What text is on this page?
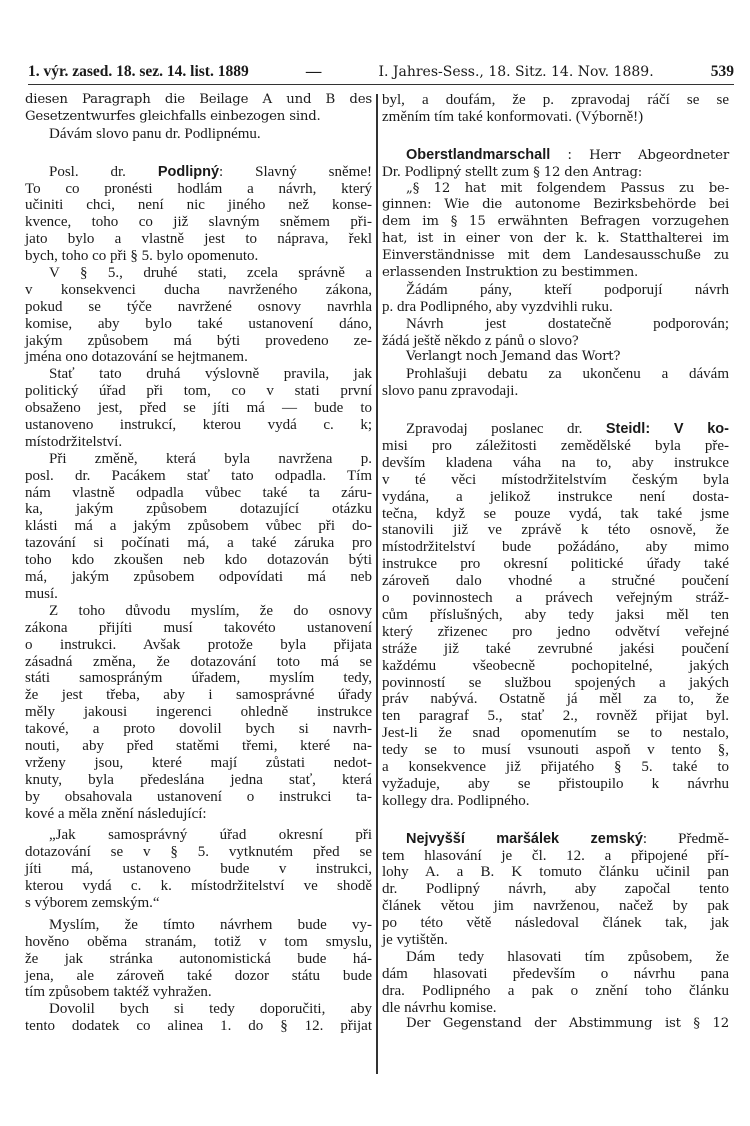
1. výr. zased. 18. sez. 14. list. 1889	—	I. Jahres-Sess., 18. Sitz. 14. Nov. 1889.	539
diesen Paragraph die Beilage A und B des
Gesetzentwurfes gleichfalls einbezogen sind.
Dávám slovo panu dr. Podlipnému.
Posl. dr. Podlipný: Slavný sněme!
To co pronésti hodlám a návrh, který
učiniti chci, není nic jiného než konse-
kvence, toho co již slavným sněmem při-
jato bylo a vlastně jest to náprava, řekl
bych, toho co při § 5. bylo opomenuto.
V § 5., druhé stati, zcela správně a
v konsekvenci ducha navrženého zákona,
pokud se týče navržené osnovy navrhla
komise, aby bylo také ustanovení dáno,
jakým způsobem má býti provedeno ze-
jména ono dotazování se hejtmanem.
Stať tato druhá výslovně pravila, jak
politický úřad při tom, co v stati první
obsaženo jest, před se jíti má — bude to
ustanoveno instrukcí, kterou vydá c. k;
místodržitelství.
Při změně, která byla navržena p.
posl. dr. Pacákem stať tato odpadla. Tím
nám vlastně odpadla vůbec také ta záru-
ka, jakým způsobem dotazující otázku
klásti má a jakým způsobem vůbec při do-
tazování si počínati má, a také záruka pro
toho kdo zkoušen neb kdo dotazován býti
má, jakým způsobem odpovídati má neb
musí.
Z toho důvodu myslím, že do osnovy
zákona přijíti musí takovéto ustanovení
o instrukci. Avšak protože byla přijata
zásadná změna, že dotazování toto má se
státi samospráným úřadem, myslím tedy,
že jest třeba, aby i samosprávné úřady
měly jakousi ingerenci ohledně instrukce
takové, a proto dovolil bych si navrh-
nouti, aby před statěmi třemi, které na-
vrženy jsou, které mají zůstati nedot-
knuty, byla předeslána jedna stať, která
by obsahovala ustanovení o instrukci ta-
kové a měla znění následující:
„Jak samosprávný úřad okresní při
dotazování se v § 5. vytknutém před se
jíti má, ustanoveno bude v instrukci,
kterou vydá c. k. místodržitelství ve shodě
s výborem zemským.“
Myslím, že tímto návrhem bude vy-
hověno oběma stranám, totiž v tom smyslu,
že jak stránka autonomistická bude há-
jena, ale zároveň také dozor státu bude
tím způsobem taktéž vyhražen.
Dovolil bych si tedy doporučiti, aby
tento dodatek co alinea 1. do § 12. přijat
byl, a doufám, že p. zpravodaj ráčí se se
změním tím také konformovati. (Výborně!)
Oberstlandmarschall : Herr Abgeordneter
Dr. Podlipný stellt zum § 12 den Antrag:
„§ 12 hat mit folgendem Passus zu be-
ginnen: Wie die autonome Bezirksbehörde bei
dem im § 15 erwähnten Befragen vorzugehen
hat, ist in einer von der k. k. Statthalterei im
Einverständnisse mit dem Landesausschuße zu
erlassenden Instruktion zu bestimmen.
Žádám pány, kteří podporují návrh
p. dra Podlipného, aby vyzdvihli ruku.
Návrh jest dostatečně podporován;
žádá ještě někdo z pánů o slovo?
Verlangt noch Jemand das Wort?
Prohlašuji debatu za ukončenu a dávám
slovo panu zpravodaji.
Zpravodaj poslanec dr. Steidl: V ko-
misi pro záležitosti zemědělské byla pře-
devším kladena váha na to, aby instrukce
v té věci místodržitelstvím českým byla
vydána, a jelikož instrukce není dosta-
tečna, když se pouze vydá, tak také jsme
stanovili již ve zprávě k této osnově, že
místodržitelství bude požádáno, aby mimo
instrukce pro okresní politické úřady také
zároveň dalo vhodné a stručné poučení
o povinnostech a právech veřejným stráž-
cům příslušných, aby tedy jaksi měl ten
který zřizenec pro jedno odvětví veřejné
stráže již také zevrubné jakési poučení
každému všeobecně pochopitelné, jakých
povinností se službou spojených a jakých
práv nabývá. Ostatně já měl za to, že
ten paragraf 5., stať 2., rovněž přijat byl.
Jest-li že snad opomenutím se to nestalo,
tedy se to musí vsunouti aspoň v tento §,
a konsekvence již přijatého § 5. také to
vyžaduje, aby se přistoupilo k návrhu
kollegy dra. Podlipného.
Nejvyšší maršálek zemský: Předmě-
tem hlasování je čl. 12. a připojené pří-
lohy A. a B. K tomuto článku učinil pan
dr. Podlipný návrh, aby započal tento
článek větou jim navrženou, načež by pak
po této větě následoval článek tak, jak
je vytištěn.
Dám tedy hlasovati tím způsobem, že
dám hlasovati především o návrhu pana
dra. Podlipného a pak o znění toho článku
dle návrhu komise.
Der Gegenstand der Abstimmung ist § 12
